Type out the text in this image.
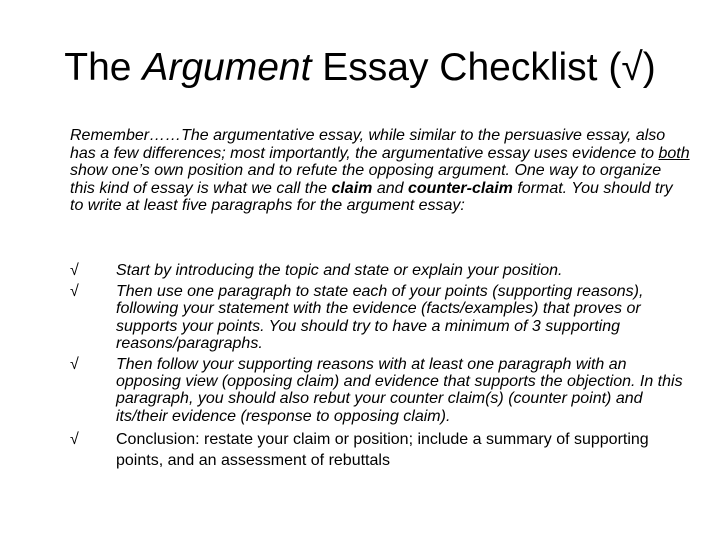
The Argument Essay Checklist (√)
Remember……The argumentative essay, while similar to the persuasive essay, also has a few differences; most importantly, the argumentative essay uses evidence to both show one’s own position and to refute the opposing argument. One way to organize this kind of essay is what we call the claim and counter-claim format. You should try to write at least five paragraphs for the argument essay:
√ Start by introducing the topic and state or explain your position.
√ Then use one paragraph to state each of your points (supporting reasons), following your statement with the evidence (facts/examples) that proves or supports your points. You should try to have a minimum of 3 supporting reasons/paragraphs.
√ Then follow your supporting reasons with at least one paragraph with an opposing view (opposing claim) and evidence that supports the objection. In this paragraph, you should also rebut your counter claim(s) (counter point) and its/their evidence (response to opposing claim).
√ Conclusion: restate your claim or position; include a summary of supporting points, and an assessment of rebuttals
